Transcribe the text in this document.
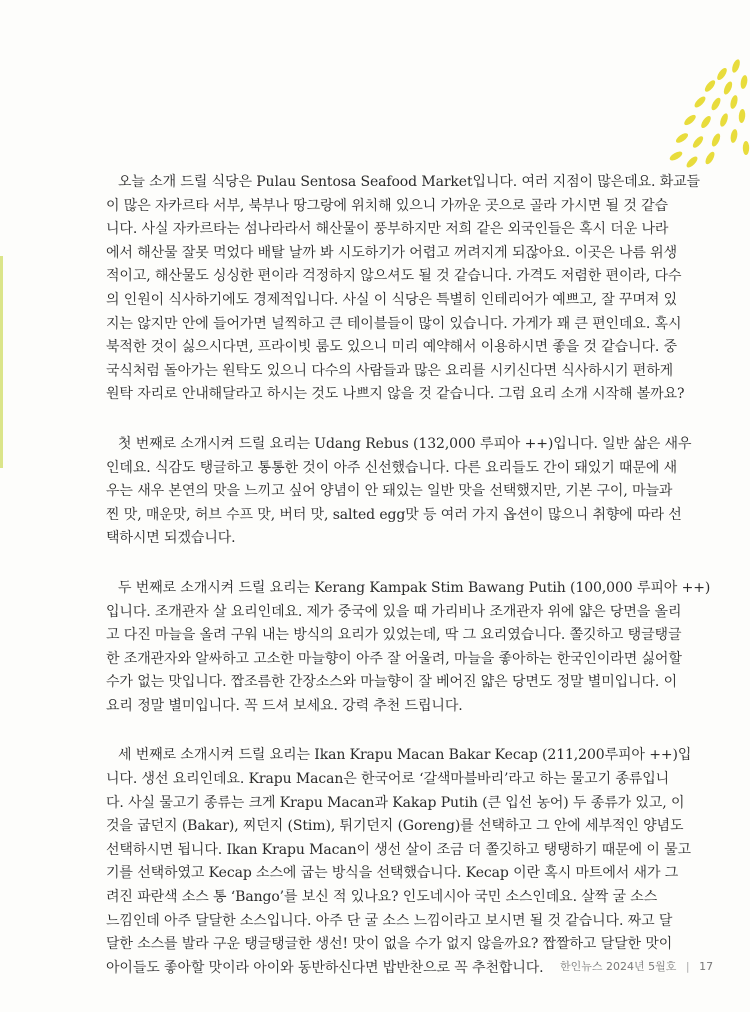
오늘 소개 드릴 식당은 Pulau Sentosa Seafood Market입니다. 여러 지점이 많은데요. 화교들
이 많은 자카르타 서부, 북부나 땅그랑에 위치해 있으니 가까운 곳으로 골라 가시면 될 것 같습
니다. 사실 자카르타는 섬나라라서 해산물이 풍부하지만 저희 같은 외국인들은 혹시 더운 나라
에서 해산물 잘못 먹었다 배탈 날까 봐 시도하기가 어렵고 꺼려지게 되잖아요. 이곳은 나름 위생
적이고, 해산물도 싱싱한 편이라 걱정하지 않으셔도 될 것 같습니다. 가격도 저렴한 편이라, 다수
의 인원이 식사하기에도 경제적입니다. 사실 이 식당은 특별히 인테리어가 예쁘고, 잘 꾸며져 있
지는 않지만 안에 들어가면 널찍하고 큰 테이블들이 많이 있습니다. 가게가 꽤 큰 편인데요. 혹시
북적한 것이 싫으시다면, 프라이빗 룸도 있으니 미리 예약해서 이용하시면 좋을 것 같습니다. 중
국식처럼 돌아가는 원탁도 있으니 다수의 사람들과 많은 요리를 시키신다면 식사하시기 편하게
원탁 자리로 안내해달라고 하시는 것도 나쁘지 않을 것 같습니다. 그럼 요리 소개 시작해 볼까요?

첫 번째로 소개시켜 드릴 요리는 Udang Rebus (132,000 루피아 ++)입니다. 일반 삶은 새우
인데요. 식감도 탱글하고 통통한 것이 아주 신선했습니다. 다른 요리들도 간이 돼있기 때문에 새
우는 새우 본연의 맛을 느끼고 싶어 양념이 안 돼있는 일반 맛을 선택했지만, 기본 구이, 마늘과
찐 맛, 매운맛, 허브 수프 맛, 버터 맛, salted egg맛 등 여러 가지 옵션이 많으니 취향에 따라 선
택하시면 되겠습니다.

두 번째로 소개시켜 드릴 요리는 Kerang Kampak Stim Bawang Putih (100,000 루피아 ++)
입니다. 조개관자 살 요리인데요. 제가 중국에 있을 때 가리비나 조개관자 위에 얇은 당면을 올리
고 다진 마늘을 올려 구워 내는 방식의 요리가 있었는데, 딱 그 요리였습니다. 쫄깃하고 탱글탱글
한 조개관자와 알싸하고 고소한 마늘향이 아주 잘 어울려, 마늘을 좋아하는 한국인이라면 싫어할
수가 없는 맛입니다. 짭조름한 간장소스와 마늘향이 잘 베어진 얇은 당면도 정말 별미입니다. 이
요리 정말 별미입니다. 꼭 드셔 보세요. 강력 추천 드립니다.

세 번째로 소개시켜 드릴 요리는 Ikan Krapu Macan Bakar Kecap (211,200루피아 ++)입
니다. 생선 요리인데요. Krapu Macan은 한국어로 ‘갈색마블바리’라고 하는 물고기 종류입니
다. 사실 물고기 종류는 크게 Krapu Macan과 Kakap Putih (큰 입선 농어) 두 종류가 있고, 이
것을 굽던지 (Bakar), 찌던지 (Stim), 튀기던지 (Goreng)를 선택하고 그 안에 세부적인 양념도
선택하시면 됩니다. Ikan Krapu Macan이 생선 살이 조금 더 쫄깃하고 탱탱하기 때문에 이 물고
기를 선택하였고 Kecap 소스에 굽는 방식을 선택했습니다. Kecap 이란 혹시 마트에서 새가 그
려진 파란색 소스 통 ‘Bango’를 보신 적 있나요? 인도네시아 국민 소스인데요. 살짝 굴 소스
느낌인데 아주 달달한 소스입니다. 아주 단 굴 소스 느낌이라고 보시면 될 것 같습니다. 짜고 달
달한 소스를 발라 구운 탱글탱글한 생선! 맛이 없을 수가 없지 않을까요? 짭짤하고 달달한 맛이
아이들도 좋아할 맛이라 아이와 동반하신다면 밥반찬으로 꼭 추천합니다.	한인뉴스 2024년 5월호 | 17
